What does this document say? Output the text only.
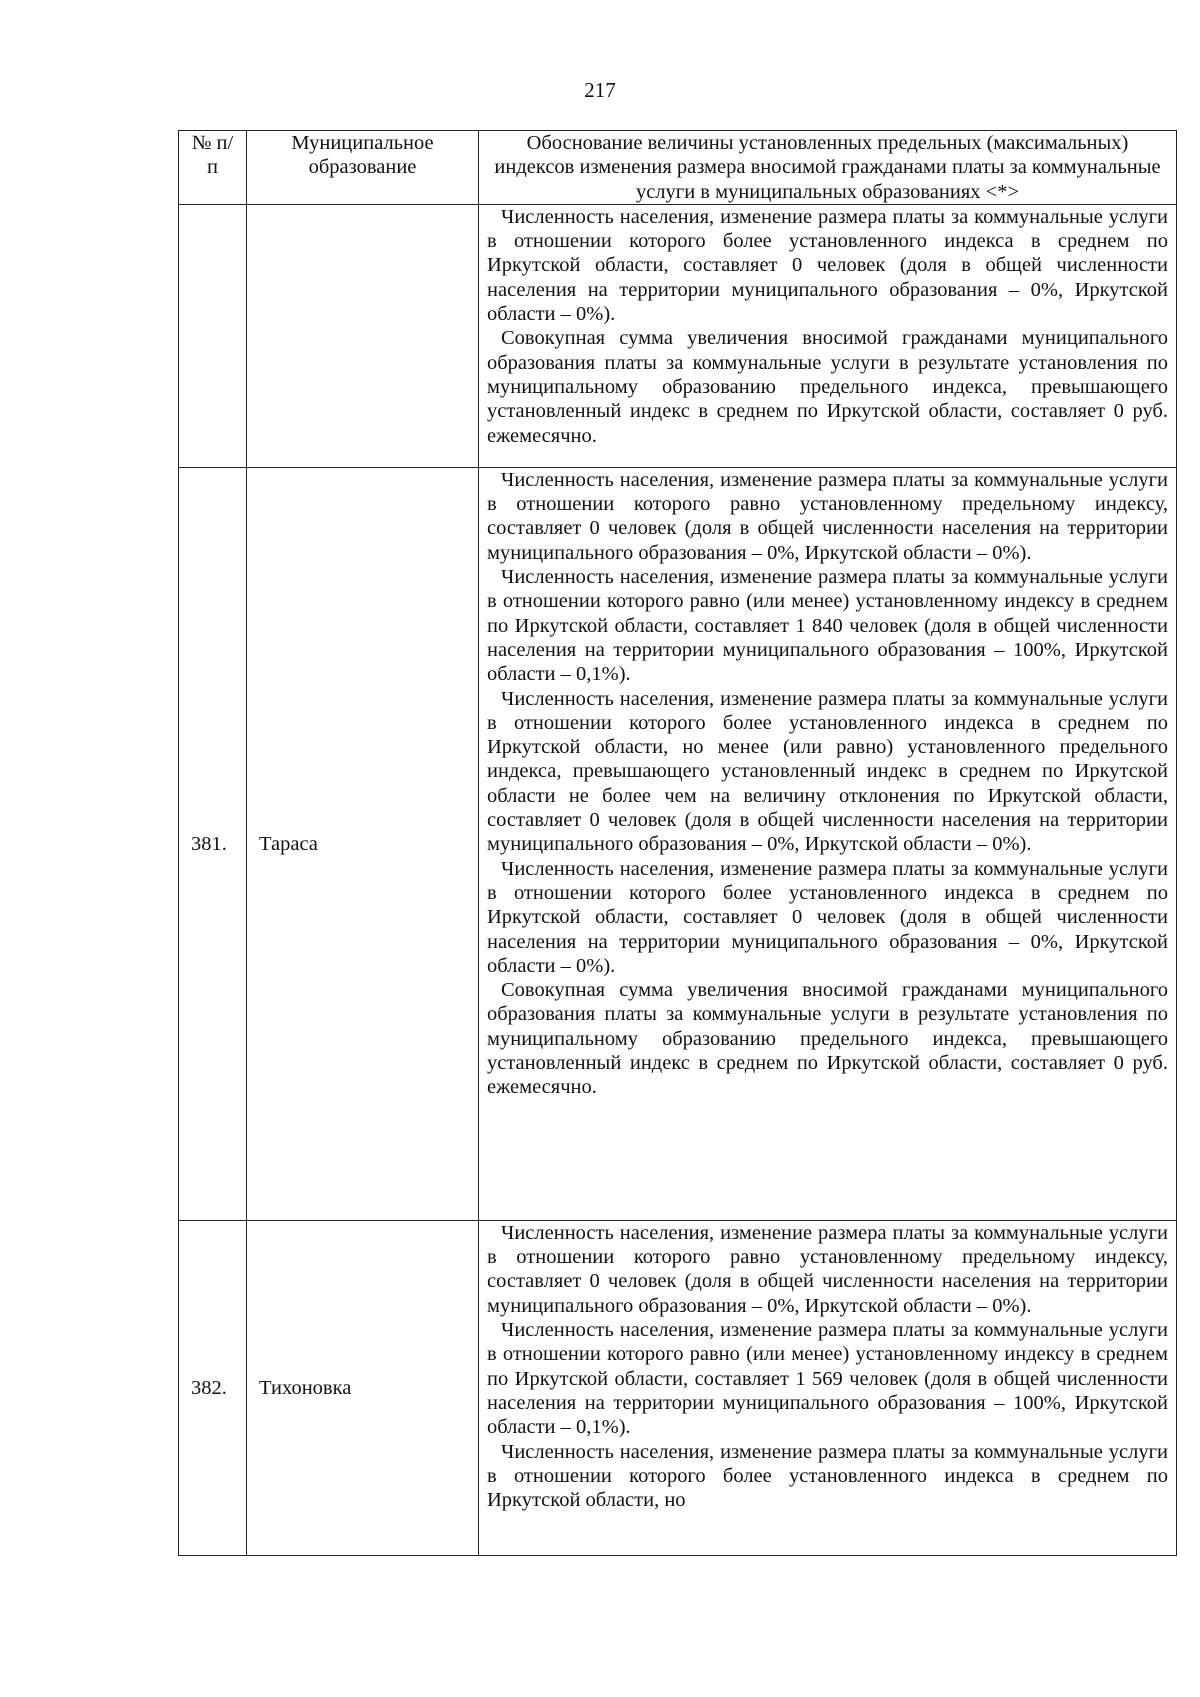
217
№ п/п	Муниципальное образование	Обоснование величины установленных предельных (максимальных) индексов изменения размера вносимой гражданами платы за коммунальные услуги в муниципальных образованиях <*>

		Численность населения, изменение размера платы за коммунальные услуги в отношении которого более установленного индекса в среднем по Иркутской области, составляет 0 человек (доля в общей численности населения на территории муниципального образования – 0%, Иркутской области – 0%).

Совокупная сумма увеличения вносимой гражданами муниципального образования платы за коммунальные услуги в результате установления по муниципальному образованию предельного индекса, превышающего установленный индекс в среднем по Иркутской области, составляет 0 руб. ежемесячно.

381.	Тараса	Численность населения, изменение размера платы за коммунальные услуги в отношении которого равно установленному предельному индексу, составляет 0 человек (доля в общей численности населения на территории муниципального образования – 0%, Иркутской области – 0%).

Численность населения, изменение размера платы за коммунальные услуги в отношении которого равно (или менее) установленному индексу в среднем по Иркутской области, составляет 1 840 человек (доля в общей численности населения на территории муниципального образования – 100%, Иркутской области – 0,1%).

Численность населения, изменение размера платы за коммунальные услуги в отношении которого более установленного индекса в среднем по Иркутской области, но менее (или равно) установленного предельного индекса, превышающего установленный индекс в среднем по Иркутской области не более чем на величину отклонения по Иркутской области, составляет 0 человек (доля в общей численности населения на территории муниципального образования – 0%, Иркутской области – 0%).

Численность населения, изменение размера платы за коммунальные услуги в отношении которого более установленного индекса в среднем по Иркутской области, составляет 0 человек (доля в общей численности населения на территории муниципального образования – 0%, Иркутской области – 0%).

Совокупная сумма увеличения вносимой гражданами муниципального образования платы за коммунальные услуги в результате установления по муниципальному образованию предельного индекса, превышающего установленный индекс в среднем по Иркутской области, составляет 0 руб. ежемесячно.

382.	Тихоновка	Численность населения, изменение размера платы за коммунальные услуги в отношении которого равно установленному предельному индексу, составляет 0 человек (доля в общей численности населения на территории муниципального образования – 0%, Иркутской области – 0%).

Численность населения, изменение размера платы за коммунальные услуги в отношении которого равно (или менее) установленному индексу в среднем по Иркутской области, составляет 1 569 человек (доля в общей численности населения на территории муниципального образования – 100%, Иркутской области – 0,1%).

Численность населения, изменение размера платы за коммунальные услуги в отношении которого более установленного индекса в среднем по Иркутской области, но
